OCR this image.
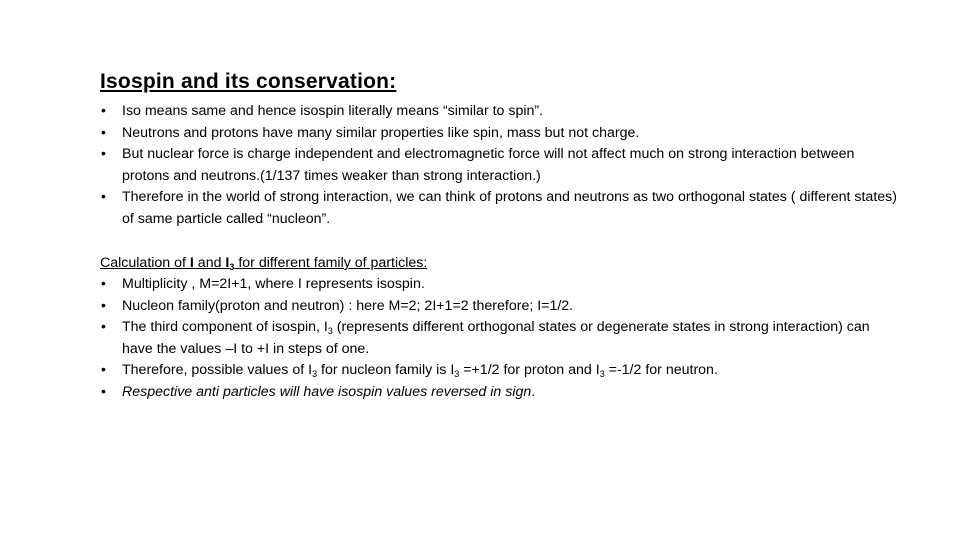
Isospin and its conservation:
• Iso means same and hence isospin literally means “similar to spin”.
• Neutrons and protons have many similar properties like spin, mass but not charge.
• But nuclear force is charge independent and electromagnetic force will not affect much on strong interaction between protons and neutrons.(1/137 times weaker than strong interaction.)
• Therefore in the world of strong interaction, we can think of protons and neutrons as two orthogonal states ( different states) of same particle called “nucleon”.

Calculation of I and $I_3$ for different family of particles:

• Multiplicity , M=2I+1, where I represents isospin.
• Nucleon family(proton and neutron) : here M=2; 2I+1=2 therefore; I=1/2.
• The third component of isospin, $I_3$ (represents different orthogonal states or degenerate states in strong interaction) can have the values –I to +I in steps of one.
• Therefore, possible values of $I_3$ for nucleon family is $I_3 =+1/2$ for proton and $I_3 =-1/2$ for neutron.
• Respective anti particles will have isospin values reversed in sign.
